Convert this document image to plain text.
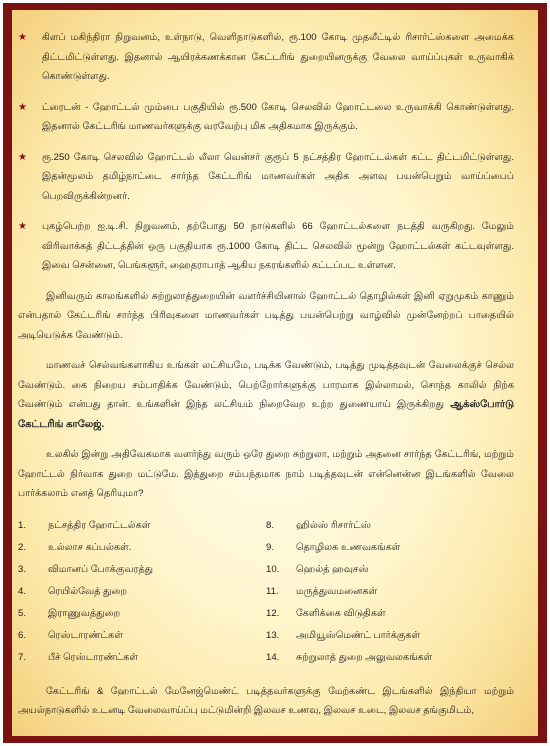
★ கிளப் மகிந்திரா நிறுவனம், உள்நாடு, வெளிநாடுகளில், ரூ.100 கோடி முதலீட்டில் ரிசார்ட்ஸ்களை அமைக்க திட்டமிட்டுள்ளது. இதனால் ஆயிரக்கணக்கான கேட்டரிங் துறையினருக்கு வேலை வாய்ப்புகள் உருவாகிக் கொண்டுள்ளது.
★ ட்ரைடன் - ஹோட்டல் மும்பை பகுதியில் ரூ.500 கோடி செலவில் ஹோட்டலை உருவாக்கி கொண்டுள்ளது. இதனால் கேட்டரிங் மாணவர்களுக்கு வரவேற்பு மிக அதிகமாக இருக்கும்.
★ ரூ.250 கோடி செலவில் ஹோட்டல் லீலா வென்சர் குரூப் 5 நட்சத்திர ஹோட்டல்கள் கட்ட திட்டமிட்டுள்ளது. இதன்மூலம் தமிழ்நாட்டை சார்ந்த கேட்டரிங் மாணவர்கள் அதிக அளவு பயன்பெறும் வாய்ப்பைப் பெறவிருக்கின்றனர்.
★ புகழ்பெற்ற ஐ.டி.சி. நிறுவனம், தற்போது 50 நாடுகளில் 66 ஹோட்டல்களை நடத்தி வருகிறது. மேலும் விரிவாக்கத் திட்டத்தின் ஒரு பகுதியாக ரூ.1000 கோடி திட்ட செலவில் மூன்று ஹோட்டல்கள் கட்டவுள்ளது. இவை சென்னை, பெங்களூர், ஹைதராபாத் ஆகிய நகரங்களில் கட்டப்பட உள்ளன.
இனிவரும் காலங்களில் சுற்றுலாத்துறையின் வளர்ச்சியினால் ஹோட்டல் தொழில்கள் இனி ஏறுமுகம் காணும் என்பதால் கேட்டரிங் சார்ந்த பிரிவுகளை மாணவர்கள் படித்து பயன்பெற்று வாழ்வில் முன்னேற்றப் பாதையில் அடியெடுக்க வேண்டும்.
மாணவச் செல்வங்களாகிய உங்கள் லட்சியமே, படிக்க வேண்டும், படித்து முடித்தவுடன் வேலைக்குச் செல்ல வேண்டும். கை நிறைய சம்பாதிக்க வேண்டும், பெற்றோர்களுக்கு பாரமாக இல்லாமல், சொந்த காலில் நிற்க வேண்டும் என்பது தான். உங்களின் இந்த லட்சியம் நிறைவேற உற்ற துணையாய் இருக்கிறது ஆக்ஸ்போர்டு கேட்டரிங் காலேஜ்.
உலகில் இன்று அதிவேகமாக வளர்ந்து வரும் ஒரே துறை சுற்றுலா, மற்றும் அதனை சார்ந்த கேட்டரிங், மற்றும் ஹோட்டல் நிர்வாக துறை மட்டுமே. இத்துறை சம்பந்தமாக நாம் படித்தவுடன் என்னென்ன இடங்களில் வேலை பார்க்கலாம் எனத் தெரியுமா?
1.	நட்சத்திர ஹோட்டல்கள்	8.	ஹில்ஸ் ரிசார்ட்ஸ்
2.	உல்லாச கப்பல்கள்.	9.	தொழிலக உணவகங்கள்
3.	விமானப் போக்குவரத்து	10.	ஹெல்த் ஹவுசஸ்
4.	ரெயில்வேத் துறை	11.	மருத்துவமனைகள்
5.	இராணுவத்துறை	12.	கேளிக்கை விடுதிகள்
6.	ரெஸ்டாரண்ட்கள்	13.	அமியூஸ்மெண்ட் பார்க்குகள்
7.	பீச் ரெஸ்டாரண்ட்கள்	14.	சுற்றுலாத் துறை அலுவலகங்கள்
கேட்டரிங் & ஹோட்டல் மேனேஜ்மெண்ட் படித்தவர்களுக்கு மேற்கண்ட இடங்களில் இந்தியா மற்றும் அயல்நாடுகளில் உடனடி வேலைவாய்ப்பு மட்டுமின்றி இலவச உணவு, இலவச உடை, இலவச தங்குமிடம்,
